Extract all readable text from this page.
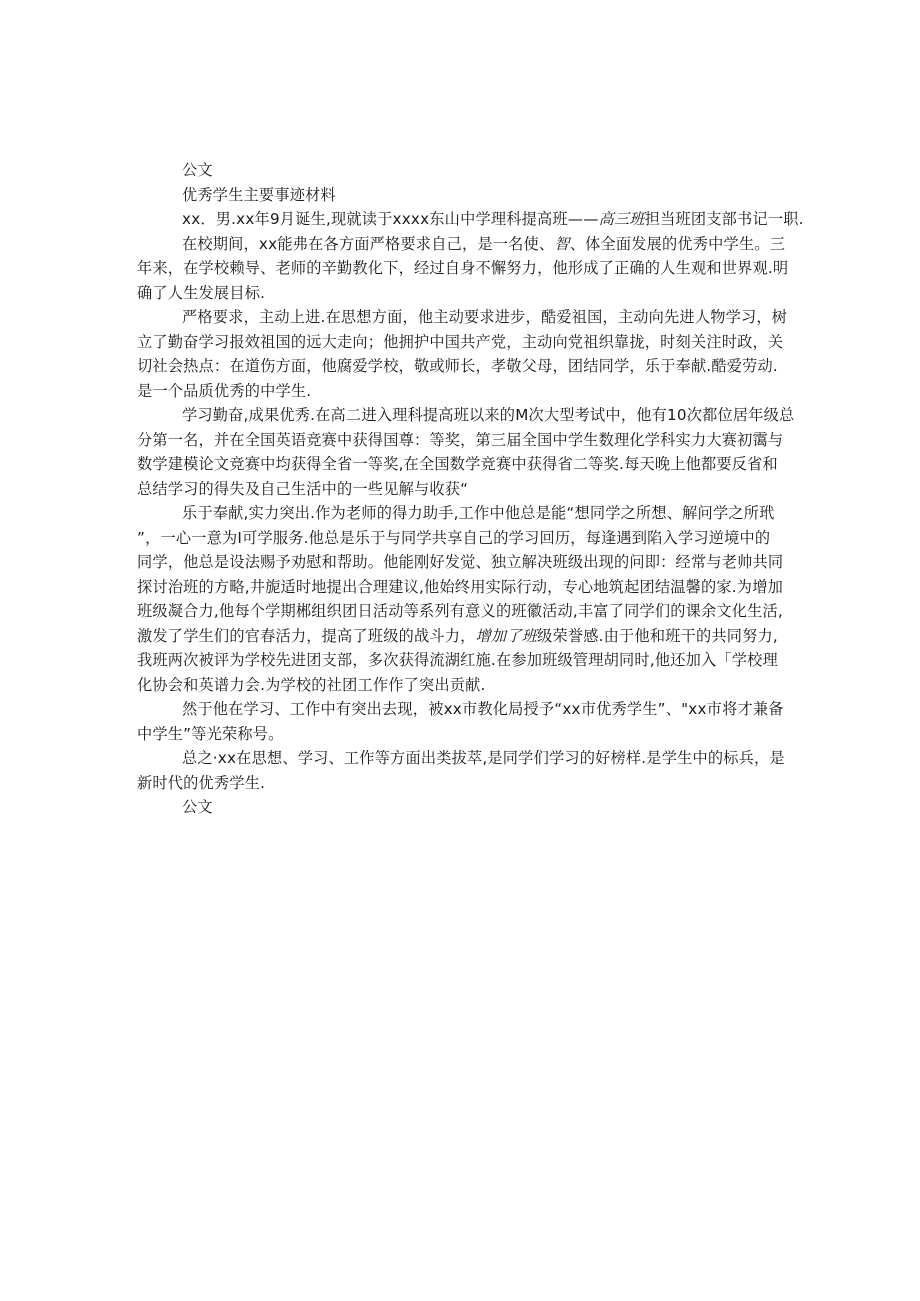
公文
优秀学生主要事迹材料
xx．男.xx年9月诞生,现就读于xxxx东山中学理科提高班——高三班担当班团支部书记一职.
在校期间，xx能弗在各方面严格要求自己，是一名使、智、体全面发展的优秀中学生。三
年来，在学校赖导、老师的辛勤教化下，经过自身不懈努力，他形成了正确的人生观和世界观.明
确了人生发展目标.
严格要求，主动上进.在思想方面，他主动要求进步，酷爱祖国，主动向先进人物学习，树
立了勤奋学习报效祖国的远大走向；他拥护中国共产党，主动向党祖织靠拢，时刻关注时政，关
切社会热点：在道伤方面，他腐爱学校，敬或师长，孝敬父母，团结同学，乐于奉献.酷爱劳动.
是一个品质优秀的中学生.
学习勤奋,成果优秀.在高二进入理科提高班以来的M次大型考试中，他有10次都位居年级总
分第一名，并在全国英语竞赛中获得国尊：等奖，第三届全国中学生数理化学科实力大赛初霭与
数学建模论文竞赛中均获得全省一等奖,在全国数学竞赛中获得省二等奖.每天晚上他都要反省和
总结学习的得失及自己生活中的一些见解与收获“
乐于奉献,实力突出.作为老师的得力助手,工作中他总是能“想同学之所想、解问学之所玳
”，一心一意为I可学服务.他总是乐于与同学共享自己的学习回历，每逢遇到陷入学习逆境中的
同学，他总是设法赐予劝慰和帮助。他能刚好发觉、独立解决班级出现的问即：经常与老帅共同
探讨治班的方略,井旎适时地提出合理建议,他始终用实际行动，专心地筑起团结温馨的家.为增加
班级凝合力,他每个学期郴组织团日活动等系列有意义的班徽活动,丰富了同学们的课余文化生活,
激发了学生们的官春活力，提高了班级的战斗力，增加了班级荣誉感.由于他和班干的共同努力,
我班两次被评为学校先进团支部，多次获得流湖红施.在参加班级管理胡同时,他还加入「学校理
化协会和英谱力会.为学校的社团工作作了突出贡献.
然于他在学习、工作中有突出去现，被xx市教化局授予“xx市优秀学生”、"xx市将才兼备
中学生”等光荣称号。
总之·xx在思想、学习、工作等方面出类拔萃,是同学们学习的好榜样.是学生中的标兵，是
新时代的优秀学生.
公文
